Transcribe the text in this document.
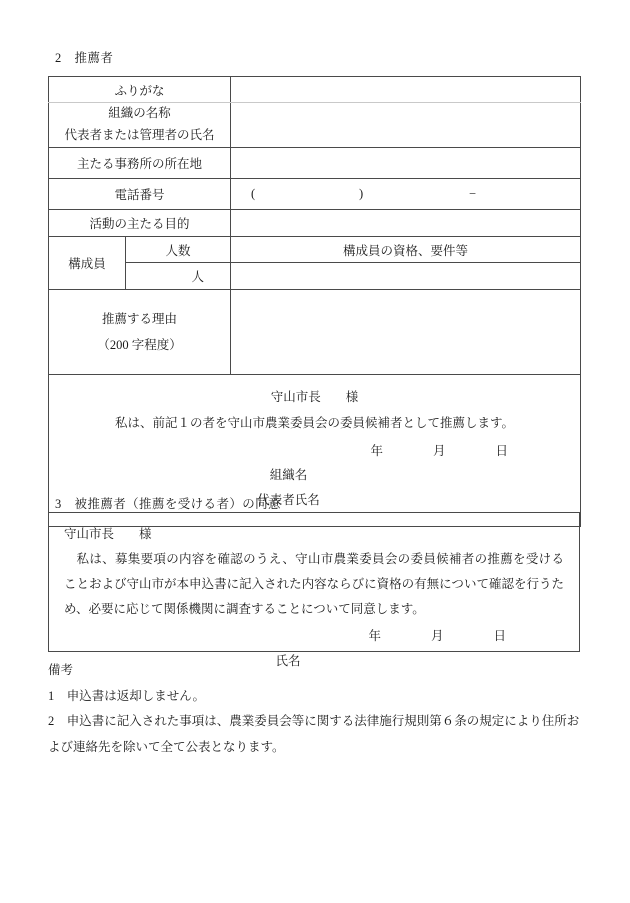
2　推薦者
ふりがな		

組織の名称
代表者または管理者の氏名		

主たる事務所の所在地		
電話番号		( ) −

活動の主たる目的		
構成員	人数	構成員の資格、要件等
	人	

推薦する理由
（200 字程度）		

守山市長　　様
私は、前記１の者を守山市農業委員会の委員候補者として推薦します。
年　　　　月　　　　日
組織名
代表者氏名		
3　被推薦者（推薦を受ける者）の同意
守山市長　　様

私は、募集要項の内容を確認のうえ、守山市農業委員会の委員候補者の推薦を受けることおよび守山市が本申込書に記入された内容ならびに資格の有無について確認を行うため、必要に応じて関係機関に調査することについて同意します。

年　　　　月　　　　日
氏名
備考
1　申込書は返却しません。
2　申込書に記入された事項は、農業委員会等に関する法律施行規則第６条の規定により住所および連絡先を除いて全て公表となります。
